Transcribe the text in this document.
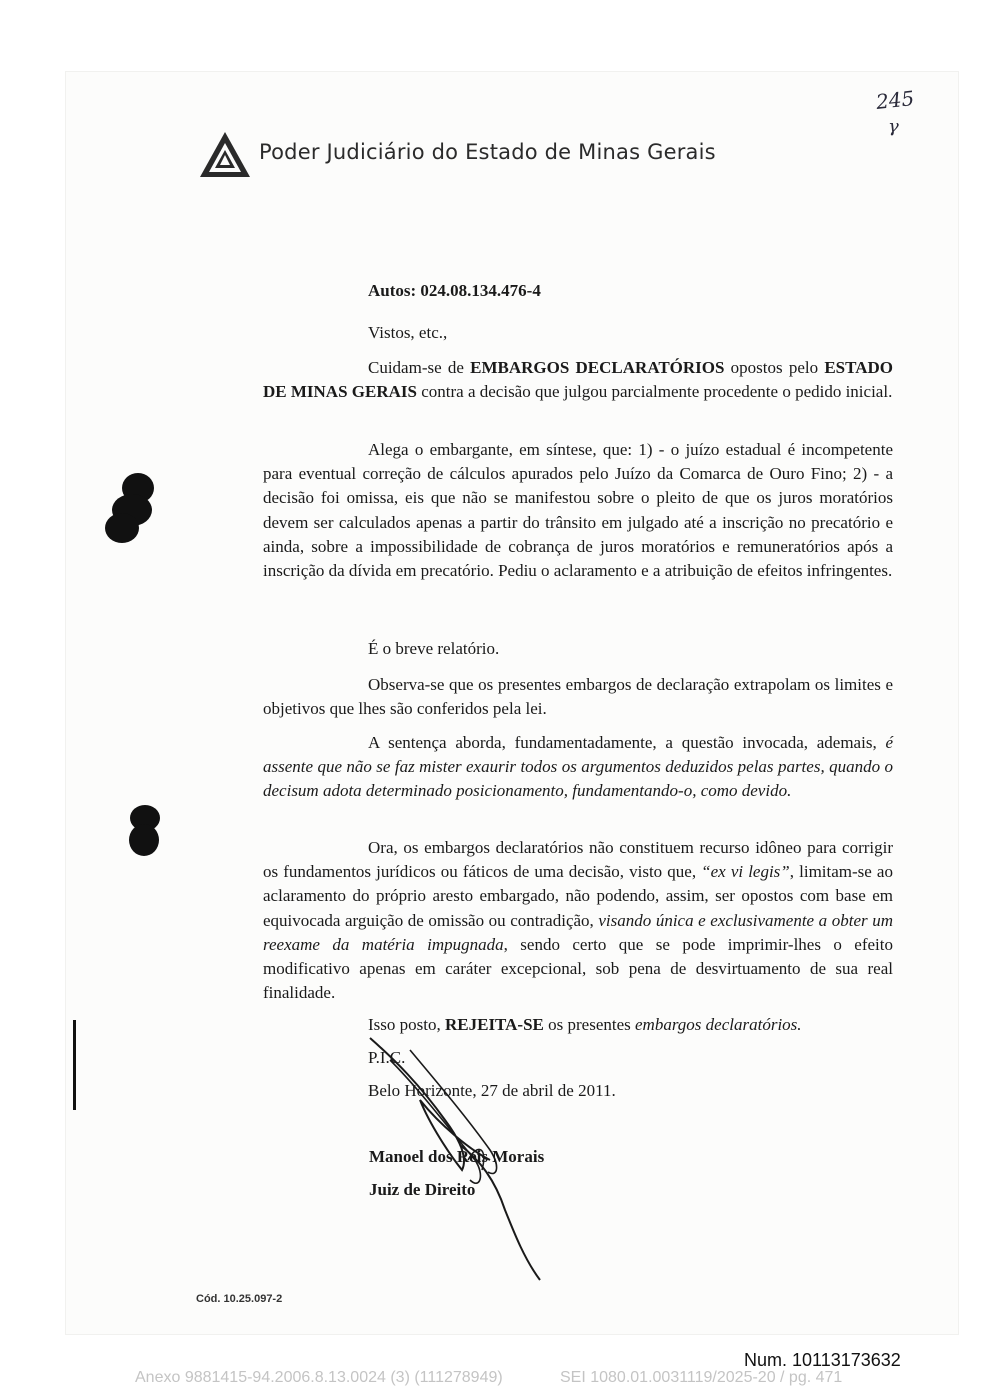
245
γ
Poder Judiciário do Estado de Minas Gerais
Autos: 024.08.134.476-4
Vistos, etc.,

Cuidam-se de EMBARGOS DECLARATÓRIOS opostos pelo ESTADO DE MINAS GERAIS contra a decisão que julgou parcialmente procedente o pedido inicial.

Alega o embargante, em síntese, que: 1) - o juízo estadual é incompetente para eventual correção de cálculos apurados pelo Juízo da Comarca de Ouro Fino; 2) - a decisão foi omissa, eis que não se manifestou sobre o pleito de que os juros moratórios devem ser calculados apenas a partir do trânsito em julgado até a inscrição no precatório e ainda, sobre a impossibilidade de cobrança de juros moratórios e remuneratórios após a inscrição da dívida em precatório. Pediu o aclaramento e a atribuição de efeitos infringentes.

É o breve relatório.

Observa-se que os presentes embargos de declaração extrapolam os limites e objetivos que lhes são conferidos pela lei.

A sentença aborda, fundamentadamente, a questão invocada, ademais, é assente que não se faz mister exaurir todos os argumentos deduzidos pelas partes, quando o decisum adota determinado posicionamento, fundamentando-o, como devido.

Ora, os embargos declaratórios não constituem recurso idôneo para corrigir os fundamentos jurídicos ou fáticos de uma decisão, visto que, “ex vi legis”, limitam-se ao aclaramento do próprio aresto embargado, não podendo, assim, ser opostos com base em equivocada arguição de omissão ou contradição, visando única e exclusivamente a obter um reexame da matéria impugnada, sendo certo que se pode imprimir-lhes o efeito modificativo apenas em caráter excepcional, sob pena de desvirtuamento de sua real finalidade.

Isso posto, REJEITA-SE os presentes embargos declaratórios.
P.I.C.
Belo Horizonte, 27 de abril de 2011.
Manoel dos Reis Morais
Juiz de Direito
Cód. 10.25.097-2
Num. 10113173632
Anexo 9881415-94.2006.8.13.0024 (3) (111278949)	SEI 1080.01.0031119/2025-20 / pg. 471
